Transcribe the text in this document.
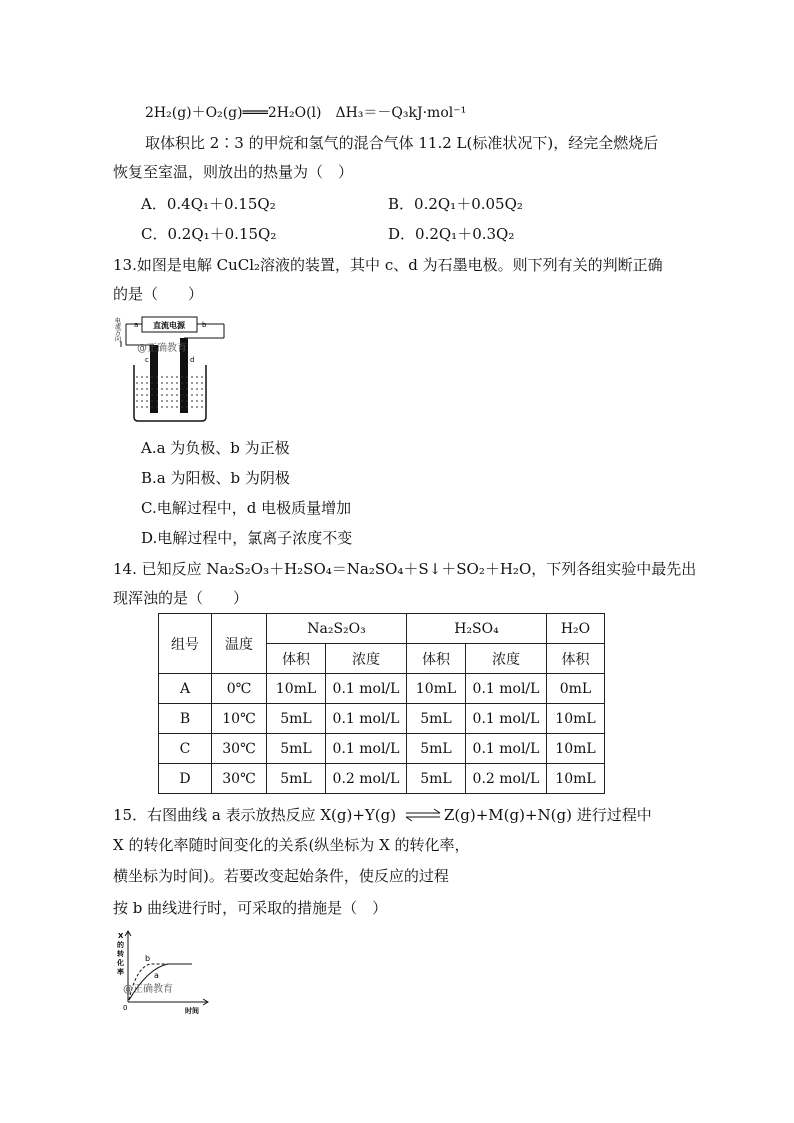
2H₂(g)＋O₂(g)═══2H₂O(l)　ΔH₃＝－Q₃kJ·mol⁻¹
取体积比 2∶3 的甲烷和氢气的混合气体 11.2 L(标准状况下)，经完全燃烧后
恢复至室温，则放出的热量为（　）
A．0.4Q₁＋0.15Q₂	B．0.2Q₁＋0.05Q₂
C．0.2Q₁＋0.15Q₂	D．0.2Q₁＋0.3Q₂
13.如图是电解 CuCl₂溶液的装置，其中 c、d 为石墨电极。则下列有关的判断正确
的是（　　）
直流电源
a	b
电流方向
c	d
@正确教育
A.a 为负极、b 为正极
B.a 为阳极、b 为阴极
C.电解过程中，d 电极质量增加
D.电解过程中，氯离子浓度不变
14. 已知反应 Na₂S₂O₃＋H₂SO₄＝Na₂SO₄＋S↓＋SO₂＋H₂O，下列各组实验中最先出
现浑浊的是（　　）
组号	温度	Na₂S₂O₃		H₂SO₄		H₂O
		体积	浓度	体积	浓度	体积
A	0℃	10mL	0.1 mol/L	10mL	0.1 mol/L	0mL
B	10℃	5mL	0.1 mol/L	5mL	0.1 mol/L	10mL
C	30℃	5mL	0.1 mol/L	5mL	0.1 mol/L	10mL
D	30℃	5mL	0.2 mol/L	5mL	0.2 mol/L	10mL
15．右图曲线 a 表示放热反应 X(g)+Y(g) ⇌ Z(g)+M(g)+N(g) 进行过程中
X 的转化率随时间变化的关系(纵坐标为 X 的转化率，
横坐标为时间)。若要改变起始条件，使反应的过程
按 b 曲线进行时，可采取的措施是（　）
X 的转化率
0	时间
b
a
@正确教育
